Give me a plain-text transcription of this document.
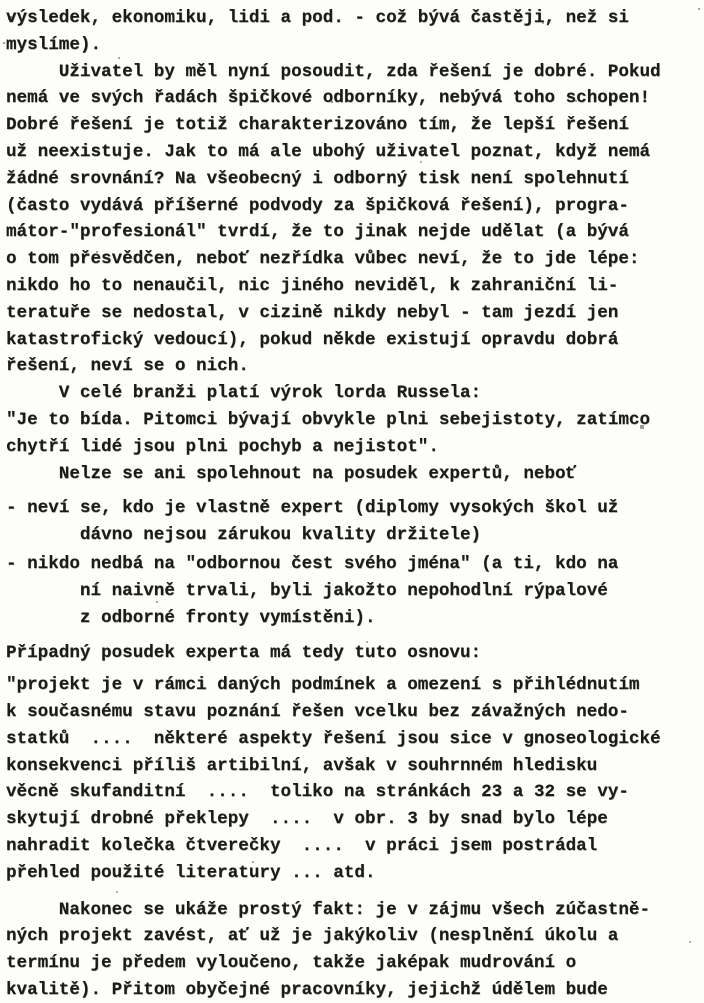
výsledek, ekonomiku, lidi a pod. - což bývá častěji, než si
myslíme).
Uživatel by měl nyní posoudit, zda řešení je dobré. Pokud
nemá ve svých řadách špičkové odborníky, nebývá toho schopen!
Dobré řešení je totiž charakterizováno tím, že lepší řešení
už neexistuje. Jak to má ale ubohý uživatel poznat, když nemá
žádné srovnání? Na všeobecný i odborný tisk není spolehnutí
(často vydává příšerné podvody za špičková řešení), progra-
mátor-"profesionál" tvrdí, že to jinak nejde udělat (a bývá
o tom přesvědčen, neboť nezřídka vůbec neví, že to jde lépe:
nikdo ho to nenaučil, nic jiného neviděl, k zahraniční li-
teratuře se nedostal, v cizině nikdy nebyl - tam jezdí jen
katastrofický vedoucí), pokud někde existují opravdu dobrá
řešení, neví se o nich.
V celé branži platí výrok lorda Russela:
"Je to bída. Pitomci bývají obvykle plni sebejistoty, zatímco
chytří lidé jsou plni pochyb a nejistot".
Nelze se ani spolehnout na posudek expertů, neboť
- neví se, kdo je vlastně expert (diplomy vysokých škol už
dávno nejsou zárukou kvality držitele)
- nikdo nedbá na "odbornou čest svého jména" (a ti, kdo na
ní naivně trvali, byli jakožto nepohodlní rýpalové
z odborné fronty vymístěni).
Případný posudek experta má tedy tuto osnovu:
"projekt je v rámci daných podmínek a omezení s přihlédnutím
k současnému stavu poznání řešen vcelku bez závažných nedo-
statků  ....  některé aspekty řešení jsou sice v gnoseologické
konsekvenci příliš artibilní, avšak v souhrnném hledisku
věcně skufanditní  ....  toliko na stránkách 23 a 32 se vy-
skytují drobné překlepy  ....  v obr. 3 by snad bylo lépe
nahradit kolečka čtverečky  ....  v práci jsem postrádal
přehled použité literatury ... atd.
Nakonec se ukáže prostý fakt: je v zájmu všech zúčastně-
ných projekt zavést, ať už je jakýkoliv (nesplnění úkolu a
termínu je předem vyloučeno, takže jaképak mudrování o
kvalitě). Přitom obyčejné pracovníky, jejichž údělem bude
